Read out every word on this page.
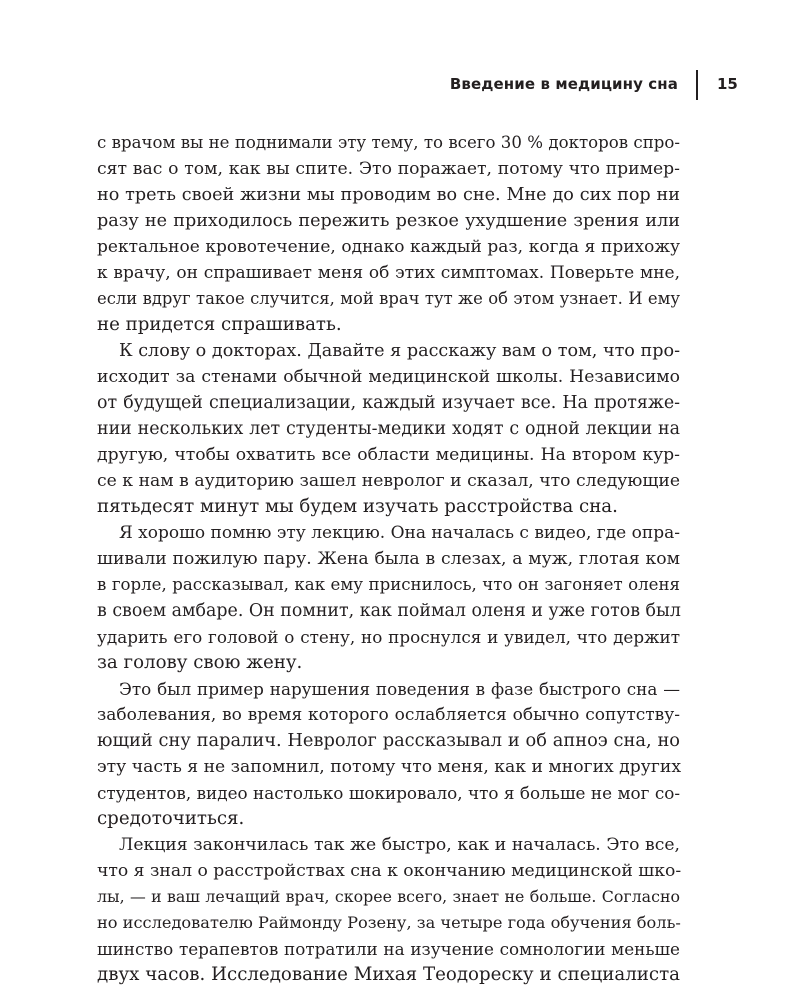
Введение в медицину сна	15
с врачом вы не поднимали эту тему, то всего 30 % докторов спро-
сят вас о том, как вы спите. Это поражает, потому что пример-
но треть своей жизни мы проводим во сне. Мне до сих пор ни
разу не приходилось пережить резкое ухудшение зрения или
ректальное кровотечение, однако каждый раз, когда я прихожу
к врачу, он спрашивает меня об этих симптомах. Поверьте мне,
если вдруг такое случится, мой врач тут же об этом узнает. И ему
не придется спрашивать.
К слову о докторах. Давайте я расскажу вам о том, что про-
исходит за стенами обычной медицинской школы. Независимо
от будущей специализации, каждый изучает все. На протяже-
нии нескольких лет студенты-медики ходят с одной лекции на
другую, чтобы охватить все области медицины. На втором кур-
се к нам в аудиторию зашел невролог и сказал, что следующие
пятьдесят минут мы будем изучать расстройства сна.
Я хорошо помню эту лекцию. Она началась с видео, где опра-
шивали пожилую пару. Жена была в слезах, а муж, глотая ком
в горле, рассказывал, как ему приснилось, что он загоняет оленя
в своем амбаре. Он помнит, как поймал оленя и уже готов был
ударить его головой о стену, но проснулся и увидел, что держит
за голову свою жену.
Это был пример нарушения поведения в фазе быстрого сна —
заболевания, во время которого ослабляется обычно сопутству-
ющий сну паралич. Невролог рассказывал и об апноэ сна, но
эту часть я не запомнил, потому что меня, как и многих других
студентов, видео настолько шокировало, что я больше не мог со-
средоточиться.
Лекция закончилась так же быстро, как и началась. Это все,
что я знал о расстройствах сна к окончанию медицинской шко-
лы, — и ваш лечащий врач, скорее всего, знает не больше. Согласно
но исследователю Раймонду Розену, за четыре года обучения боль-
шинство терапевтов потратили на изучение сомнологии меньше
двух часов. Исследование Михая Теодореску и специалиста
